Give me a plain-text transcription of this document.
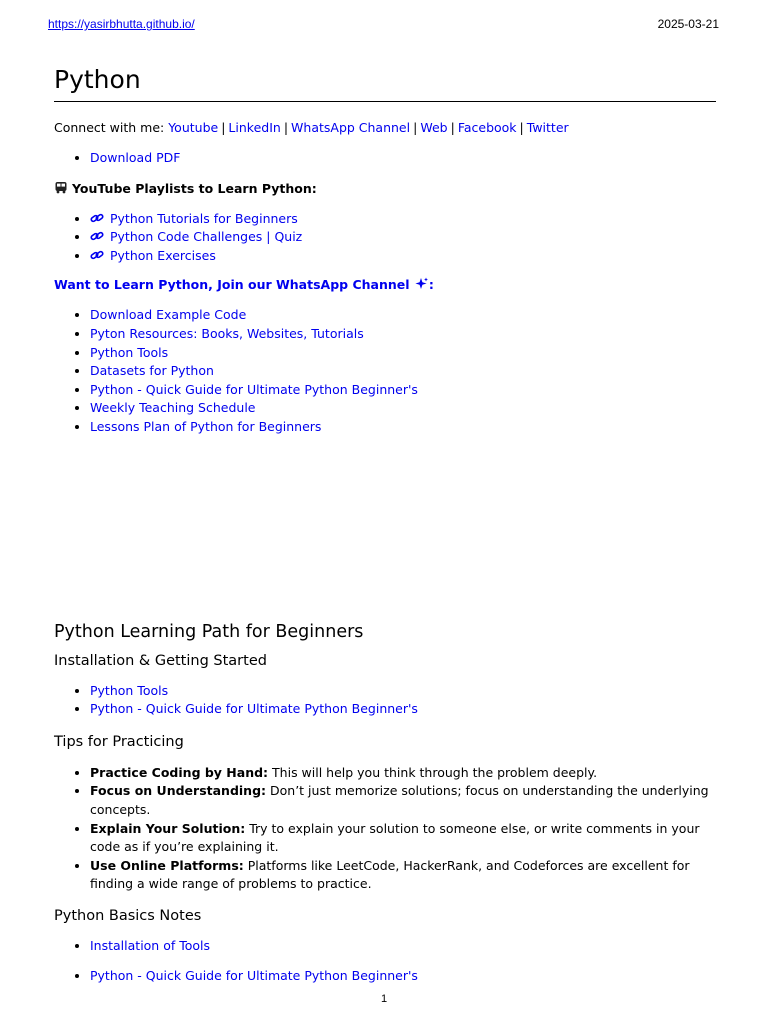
https://yasirbhutta.github.io/	2025-03-21
Python

Connect with me: Youtube | LinkedIn | WhatsApp Channel | Web | Facebook | Twitter

• Download PDF

YouTube Playlists to Learn Python:

• Python Tutorials for Beginners
• Python Code Challenges | Quiz
• Python Exercises

Want to Learn Python, Join our WhatsApp Channel :

• Download Example Code
• Pyton Resources: Books, Websites, Tutorials
• Python Tools
• Datasets for Python
• Python - Quick Guide for Ultimate Python Beginner's
• Weekly Teaching Schedule
• Lessons Plan of Python for Beginners
Python Learning Path for Beginners
Installation & Getting Started
• Python Tools
• Python - Quick Guide for Ultimate Python Beginner's
Tips for Practicing
• Practice Coding by Hand: This will help you think through the problem deeply.
• Focus on Understanding: Don’t just memorize solutions; focus on understanding the underlying concepts.
• Explain Your Solution: Try to explain your solution to someone else, or write comments in your code as if you’re explaining it.
• Use Online Platforms: Platforms like LeetCode, HackerRank, and Codeforces are excellent for finding a wide range of problems to practice.
Python Basics Notes
• Installation of Tools
• Python - Quick Guide for Ultimate Python Beginner's
1
